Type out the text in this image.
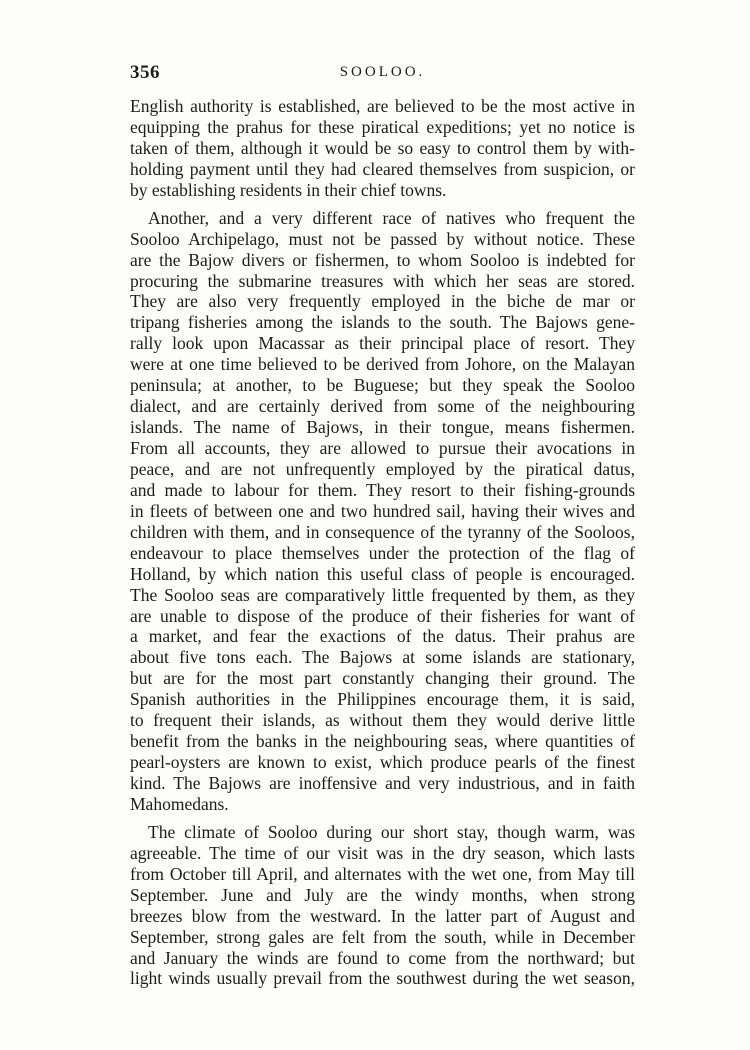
356	SOOLOO.
English authority is established, are believed to be the most active in
equipping the prahus for these piratical expeditions; yet no notice is
taken of them, although it would be so easy to control them by with-
holding payment until they had cleared themselves from suspicion, or
by establishing residents in their chief towns.
Another, and a very different race of natives who frequent the
Sooloo Archipelago, must not be passed by without notice. These
are the Bajow divers or fishermen, to whom Sooloo is indebted for
procuring the submarine treasures with which her seas are stored.
They are also very frequently employed in the biche de mar or
tripang fisheries among the islands to the south. The Bajows gene-
rally look upon Macassar as their principal place of resort. They
were at one time believed to be derived from Johore, on the Malayan
peninsula; at another, to be Buguese; but they speak the Sooloo
dialect, and are certainly derived from some of the neighbouring
islands. The name of Bajows, in their tongue, means fishermen.
From all accounts, they are allowed to pursue their avocations in
peace, and are not unfrequently employed by the piratical datus,
and made to labour for them. They resort to their fishing-grounds
in fleets of between one and two hundred sail, having their wives and
children with them, and in consequence of the tyranny of the Sooloos,
endeavour to place themselves under the protection of the flag of
Holland, by which nation this useful class of people is encouraged.
The Sooloo seas are comparatively little frequented by them, as they
are unable to dispose of the produce of their fisheries for want of
a market, and fear the exactions of the datus. Their prahus are
about five tons each. The Bajows at some islands are stationary,
but are for the most part constantly changing their ground. The
Spanish authorities in the Philippines encourage them, it is said,
to frequent their islands, as without them they would derive little
benefit from the banks in the neighbouring seas, where quantities of
pearl-oysters are known to exist, which produce pearls of the finest
kind. The Bajows are inoffensive and very industrious, and in faith
Mahomedans.
The climate of Sooloo during our short stay, though warm, was
agreeable. The time of our visit was in the dry season, which lasts
from October till April, and alternates with the wet one, from May till
September. June and July are the windy months, when strong
breezes blow from the westward. In the latter part of August and
September, strong gales are felt from the south, while in December
and January the winds are found to come from the northward; but
light winds usually prevail from the southwest during the wet season,
